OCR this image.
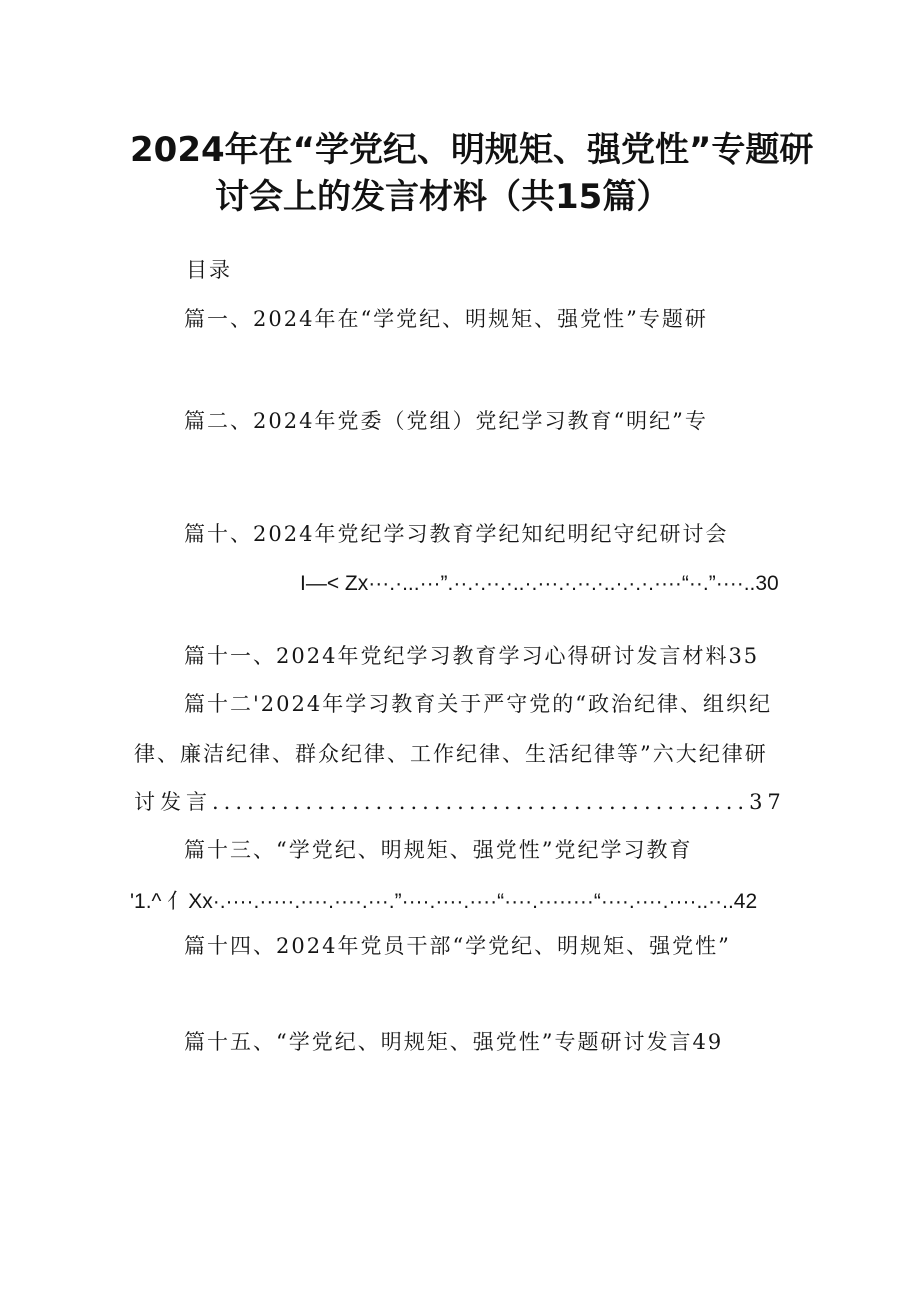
2024年在“学党纪、明规矩、强党性”专题研
讨会上的发言材料（共15篇）
目录
篇一、2024年在“学党纪、明规矩、强党性”专题研
篇二、2024年党委（党组）党纪学习教育“明纪”专
篇十、2024年党纪学习教育学纪知纪明纪守纪研讨会
I—< Zx···.·...···”.··.·.··.·..·.···.·.··.·..·.·.·.····“··.”····..30
篇十一、2024年党纪学习教育学习心得研讨发言材料35
篇十二'2024年学习教育关于严守党的“政治纪律、组织纪
律、廉洁纪律、群众纪律、工作纪律、生活纪律等”六大纪律研
讨发言..............................................37
篇十三、“学党纪、明规矩、强党性”党纪学习教育
'1.^ 亻Xx·.····.·····.····.····.···.”····.····.····“····.········“····.····.····..··..42
篇十四、2024年党员干部“学党纪、明规矩、强党性”
篇十五、“学党纪、明规矩、强党性”专题研讨发言49
